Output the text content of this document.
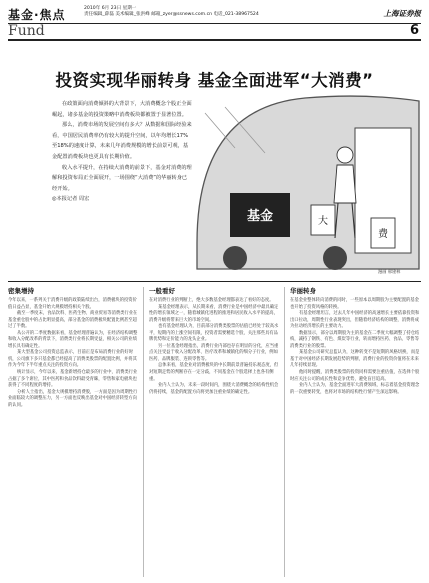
基金·焦点	2010年 6月 23日 星期一
责任编辑_薛磊 美术编辑_张洪峰 邮箱_zyer@ssnews.com.cn 电话_021-38967524	上海证券报
Fund	6
投资实现华丽转身 基金全面进军“大消费”

在政策面向消费倾斜的大背景下，大消费概念个股正全面崛起，诸多基金的投资策略中消费板块都被置于显著位置。

那么，消费市场的发展空间有多大？从数据和国际经验来看，中国居民消费率仍有较大的提升空间，以年均增长17%至18%的速度计算，未来几年消费规模的增长前景可观，基金配置消费板块也更具有长期价值。

收入水平提升，在持续大消费的前景下，基金对消费的理解和投资布局正全面展开，一场围绕“大消费”的华丽转身已经开始。

◎本报记者 周宏

基金	大
费
漫画 邢建林
密集增持

今年以来，一系列关于消费升级的政策陆续出台，消费板块的投资价值日益凸显，基金开始大规模增持相关个股。

截至一季度末，食品饮料、医药生物、商业贸易等消费类行业在基金重仓股中的占比明显提高，部分基金的消费板块配置比例甚至超过了半数。

从公开的二季度数据来看，基金经理普遍认为，在经济结构调整和收入分配改革的背景下，消费类行业将长期受益，相关公司的业绩增长具有确定性。

某大型基金公司投资总监表示，目前正是布局消费行业的好时机，公司旗下多只基金都已经提高了消费类股票的配置比例，并将其作为今年下半年重点关注的投资方向。

统计显示，今年以来，基金新增持仓最多的行业中，消费类行业占据了多个席位，其中医药和食品饮料最受青睐，零售和家电板块也获得了不同程度的增持。

分析人士指出，基金大规模增持消费股，一方面是因为周期性行业面临较大的调整压力，另一方面也反映出基金对中国经济转型方向的认同。

一般看好

在对消费行业的判断上，绝大多数基金经理都表达了看好的态度。

某基金经理表示，从长期来看，消费行业是中国经济中最具确定性的增长领域之一，随着城镇化进程的推进和居民收入水平的提高，消费升级将带来巨大的市场空间。

也有基金经理认为，目前部分消费类股票的估值已经处于较高水平，短期内的上涨空间有限，投资者需要精选个股，关注那些具有品牌优势和定价能力的龙头企业。

另一位基金经理指出，消费行业内部也存在明显的分化，应当重点关注受益于收入分配改革、医疗改革和城镇化的细分子行业，例如医药、品牌服装、连锁零售等。

总体来看，基金业对消费板块的中长期前景普遍持乐观态度，但对短期走势的判断存在一定分歧，不同基金在个股选择上也各有侧重。

业内人士认为，未来一段时间内，围绕大消费概念的结构性机会仍将持续，基金的配置方向将更加注重业绩的确定性。

华丽转身

在基金业整体转向消费的同时，一些原本以周期股为主要配置的基金也开始了投资风格的转换。

有基金经理坦言，过去几年中国经济的高速增长主要依靠投资和出口拉动，周期性行业表现突出，但随着经济结构的调整，消费将成为拉动经济增长的主要动力。

数据显示，部分以周期股为主的基金在二季度大幅调整了持仓结构，减持了钢铁、有色、煤炭等行业，转而增持医药、食品、零售等消费类行业的股票。

某基金公司研究总监认为，这种转变不是短期的风格切换，而是基于对中国经济长期发展趋势的判断，消费行业的投资价值将在未来几年持续显现。

他同时提醒，消费类股票的投资同样需要注重估值，在选择个股时应关注公司的成长性和竞争优势，避免盲目追高。

业内人士认为，基金全面进军大消费领域，标志着基金投资理念的一次重要转变，也将对市场的结构性行情产生深远影响。
